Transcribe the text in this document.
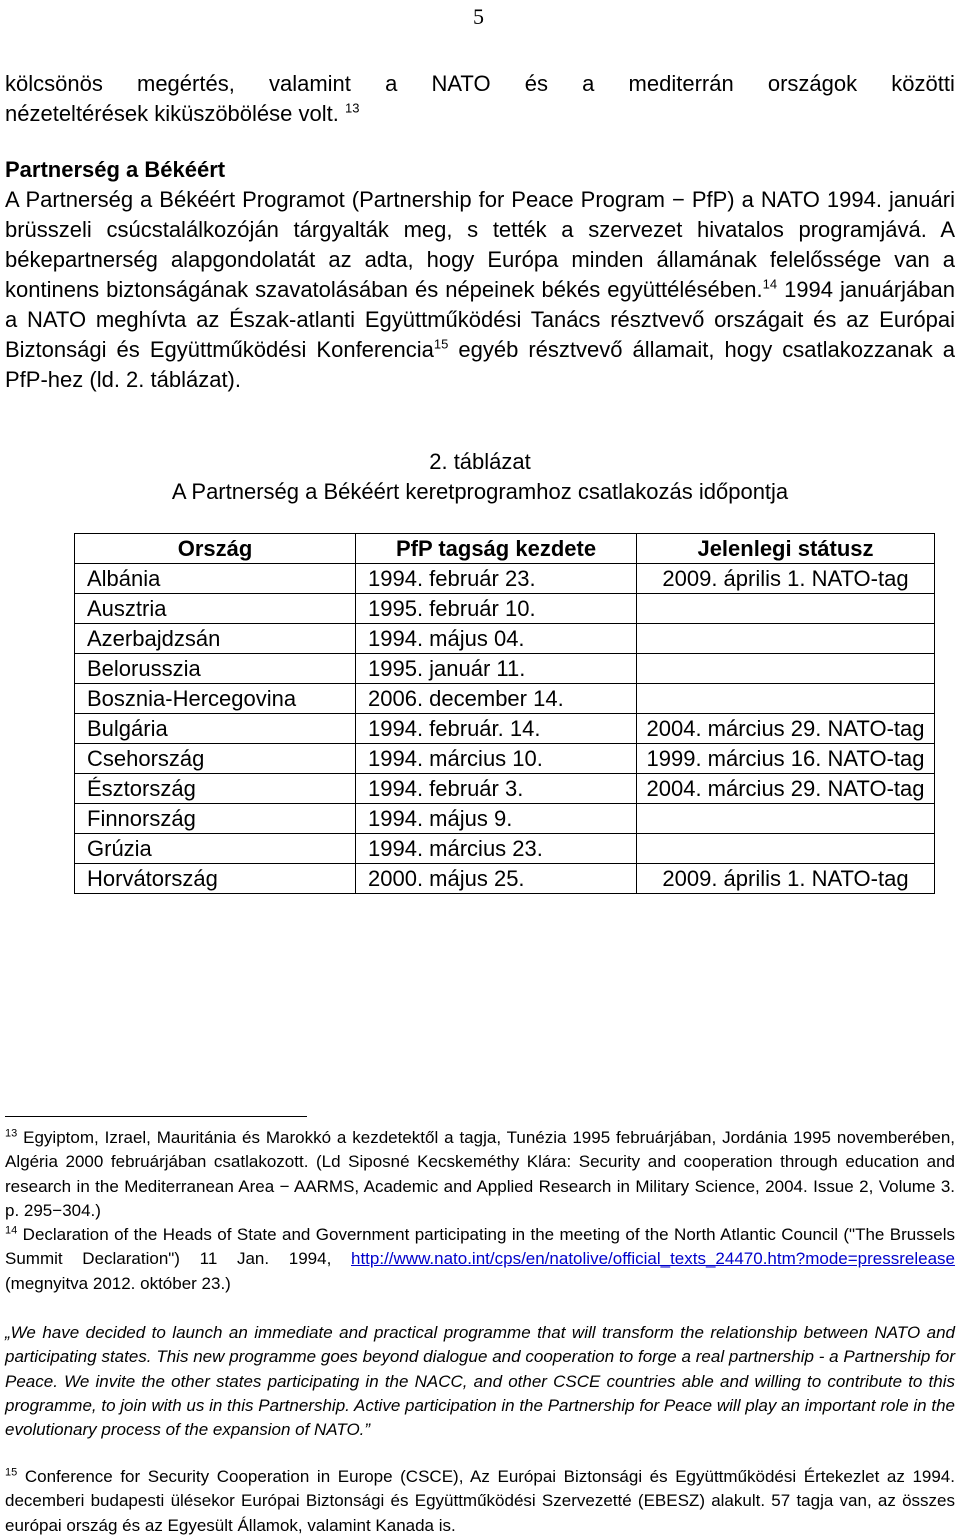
5
kölcsönös megértés, valamint a NATO és a mediterrán országok közötti
nézeteltérések kiküszöbölése volt. $^{13}$
Partnerség a Békéért
A Partnerség a Békéért Programot (Partnership for Peace Program − PfP) a NATO 1994. januári brüsszeli csúcstalálkozóján tárgyalták meg, s tették a szervezet hivatalos programjává. A békepartnerség alapgondolatát az adta, hogy Európa minden államának felelőssége van a kontinens biztonságának szavatolásában és népeinek békés együttélésében.$^{14}$ 1994 januárjában a NATO meghívta az Észak-atlanti Együttműködési Tanács résztvevő országait és az Európai Biztonsági és Együttműködési Konferencia$^{15}$ egyéb résztvevő államait, hogy csatlakozzanak a PfP-hez (ld. 2. táblázat).
2. táblázat
A Partnerség a Békéért keretprogramhoz csatlakozás időpontja
Ország	PfP tagság kezdete	Jelenlegi státusz
Albánia	1994. február 23.	2009. április 1. NATO-tag
Ausztria	1995. február 10.	
Azerbajdzsán	1994. május 04.	
Belorusszia	1995. január 11.	
Bosznia-Hercegovina	2006. december 14.	
Bulgária	1994. február. 14.	2004. március 29. NATO-tag
Csehország	1994. március 10.	1999. március 16. NATO-tag
Észtország	1994. február 3.	2004. március 29. NATO-tag
Finnország	1994. május 9.	
Grúzia	1994. március 23.	
Horvátország	2000. május 25.	2009. április 1. NATO-tag
$^{13}$ Egyiptom, Izrael, Mauritánia és Marokkó a kezdetektől a tagja, Tunézia 1995 februárjában, Jordánia 1995 novemberében, Algéria 2000 februárjában csatlakozott. (Ld Siposné Kecskeméthy Klára: Security and cooperation through education and research in the Mediterranean Area − AARMS, Academic and Applied Research in Military Science, 2004. Issue 2, Volume 3. p. 295−304.)
$^{14}$ Declaration of the Heads of State and Government participating in the meeting of the North Atlantic Council ("The Brussels Summit Declaration") 11 Jan. 1994, http://www.nato.int/cps/en/natolive/official_texts_24470.htm?mode=pressrelease (megnyitva 2012. október 23.)
„We have decided to launch an immediate and practical programme that will transform the relationship between NATO and participating states. This new programme goes beyond dialogue and cooperation to forge a real partnership - a Partnership for Peace. We invite the other states participating in the NACC, and other CSCE countries able and willing to contribute to this programme, to join with us in this Partnership. Active participation in the Partnership for Peace will play an important role in the evolutionary process of the expansion of NATO.”
$^{15}$ Conference for Security Cooperation in Europe (CSCE), Az Európai Biztonsági és Együttműködési Értekezlet az 1994. decemberi budapesti ülésekor Európai Biztonsági és Együttműködési Szervezetté (EBESZ) alakult. 57 tagja van, az összes európai ország és az Egyesült Államok, valamint Kanada is.
